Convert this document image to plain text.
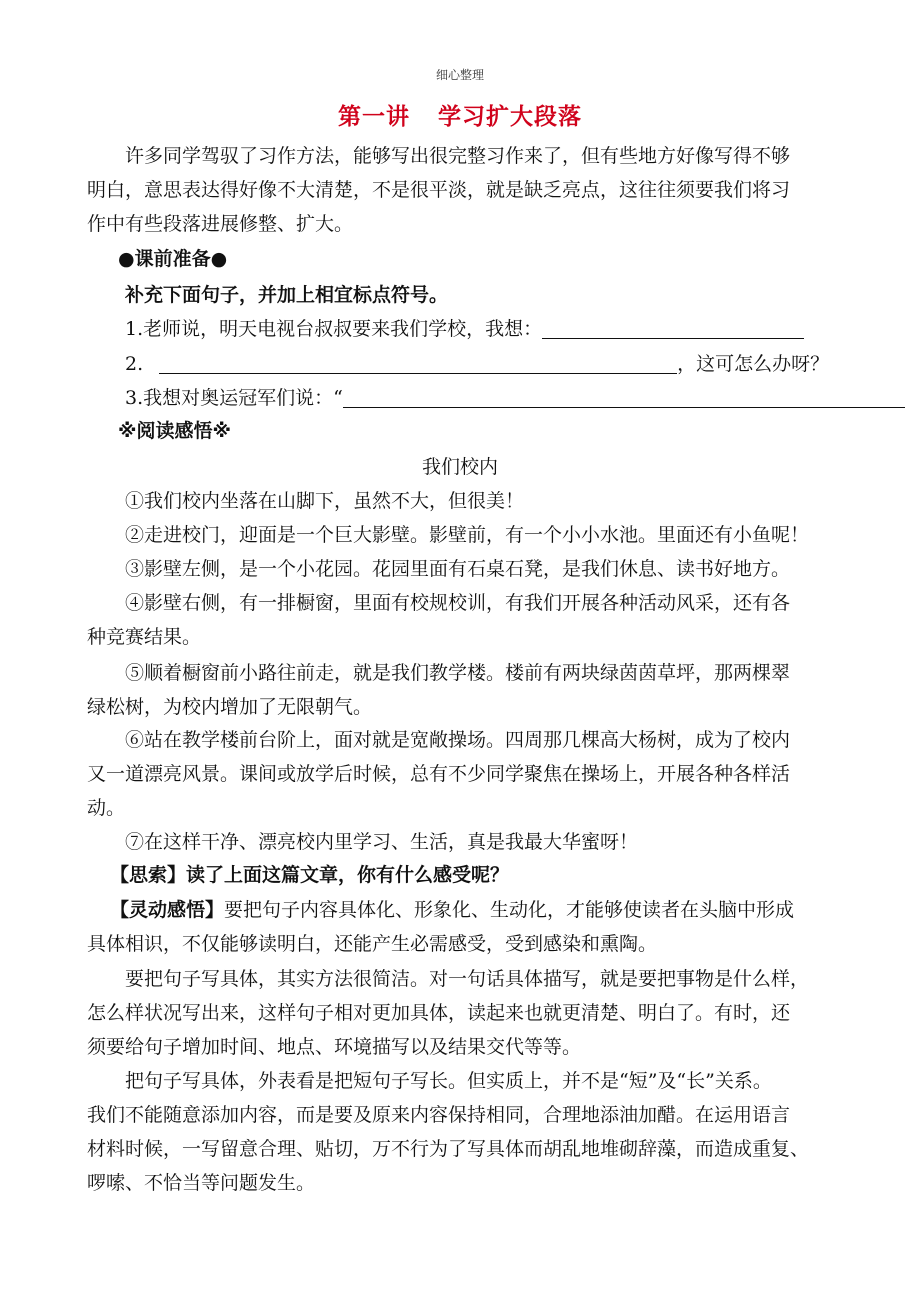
细心整理
第一讲 学习扩大段落
许多同学驾驭了习作方法，能够写出很完整习作来了，但有些地方好像写得不够
明白，意思表达得好像不大清楚，不是很平淡，就是缺乏亮点，这往往须要我们将习
作中有些段落进展修整、扩大。
●课前准备●
补充下面句子，并加上相宜标点符号。
1.老师说，明天电视台叔叔要来我们学校，我想：
2.	，这可怎么办呀？
3.我想对奥运冠军们说：“
※阅读感悟※
我们校内
①我们校内坐落在山脚下，虽然不大，但很美！
②走进校门，迎面是一个巨大影壁。影壁前，有一个小小水池。里面还有小鱼呢！
③影壁左侧，是一个小花园。花园里面有石桌石凳，是我们休息、读书好地方。
④影壁右侧，有一排橱窗，里面有校规校训，有我们开展各种活动风采，还有各
种竞赛结果。
⑤顺着橱窗前小路往前走，就是我们教学楼。楼前有两块绿茵茵草坪，那两棵翠
绿松树，为校内增加了无限朝气。
⑥站在教学楼前台阶上，面对就是宽敞操场。四周那几棵高大杨树，成为了校内
又一道漂亮风景。课间或放学后时候，总有不少同学聚焦在操场上，开展各种各样活
动。
⑦在这样干净、漂亮校内里学习、生活，真是我最大华蜜呀！
【思索】读了上面这篇文章，你有什么感受呢？
【灵动感悟】要把句子内容具体化、形象化、生动化，才能够使读者在头脑中形成
具体相识，不仅能够读明白，还能产生必需感受，受到感染和熏陶。
要把句子写具体，其实方法很简洁。对一句话具体描写，就是要把事物是什么样，
怎么样状况写出来，这样句子相对更加具体，读起来也就更清楚、明白了。有时，还
须要给句子增加时间、地点、环境描写以及结果交代等等。
把句子写具体，外表看是把短句子写长。但实质上，并不是“短”及“长”关系。
我们不能随意添加内容，而是要及原来内容保持相同，合理地添油加醋。在运用语言
材料时候，一写留意合理、贴切，万不行为了写具体而胡乱地堆砌辞藻，而造成重复、
啰嗦、不恰当等问题发生。
